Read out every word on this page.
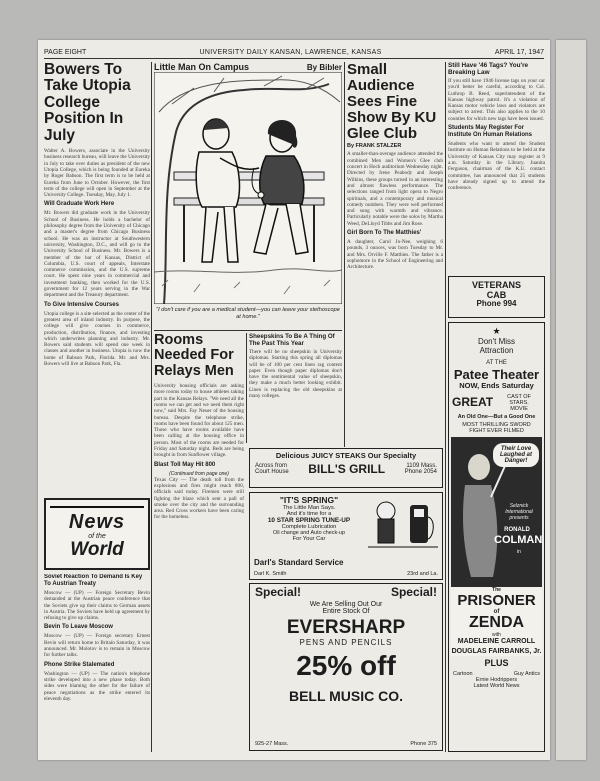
PAGE EIGHT	UNIVERSITY DAILY KANSAN, LAWRENCE, KANSAS	APRIL 17, 1947
Bowers To Take Utopia College Position In July
Walter A. Bowers, associate in the University business research bureau, will leave the University in July to take over duties as president of the new Utopia College, which is being founded at Eureka by Roger Babson. The first term is to be held at Eureka from June to October. However, the first term of the college will open in September at the University College. Tuesday, May, July 1.
Will Graduate Work Here
Mr. Bowers did graduate work in the University School of Business. He holds a bachelor of philosophy degree from the University of Chicago and a master's degree from Chicago Business school. He was an instructor at Southwestern university, Washington, D.C., and will go to the University School of Business. Mr. Bowers is a member of the bar of Kansas, District of Columbia, U.S. court of appeals, Interstate commerce commission, and the U.S. supreme court. He spent nine years in commercial and investment banking, then worked for the U.S. government for 12 years serving in the War department and the Treasury department.
To Give Intensive Courses
Utopia college is a site selected as the center of the greatest area of inland industry. In purpose, the college will give courses in commerce, production, distribution, finance, and investing which underwrites planning and industry. Mr. Bowers said students will spend one week in classes and another in business. Utopia is now the home of Babson Park, Florida. Mr. and Mrs. Bowers will live at Babson Park, Fla.
News
of the
World
Soviet Reaction To Demand Is Key To Austrian Treaty
Moscow — (UP) — Foreign Secretary Bevin demanded at the Austrian peace conference that the Soviets give up their claims to German assets in Austria. The Soviets have held up agreement by refusing to give up claims.
Bevin To Leave Moscow
Moscow — (UP) — Foreign secretary Ernest Bevin will return home to Britain Saturday, it was announced. Mr. Molotov is to remain in Moscow for further talks.
Phone Strike Stalemated
Washington — (UP) — The nation's telephone strike developed into a new phase today. Both sides were blaming the other for the failure of peace negotiations as the strike entered its eleventh day.
Little Man On Campus	By Bibler
"I don't care if you are a medical student—you can leave your stethoscope at home."
Rooms Needed For Relays Men
University housing officials are asking more rooms today to house athletes taking part in the Kansas Relays. "We need all the rooms we can get and we need them right now," said Mrs. Fay Neuer of the housing bureau. Despite the telephone strike, rooms have been found for about 125 men. Those who have rooms available have been calling at the housing office in person. Most of the rooms are needed for Friday and Saturday night. Beds are being brought in from Sunflower village.
Blast Toll May Hit 800
(Continued from page one)
Texas City — The death toll from the explosions and fires might reach 800, officials said today. Firemen were still fighting the blaze which sent a pall of smoke over the city and the surrounding area. Red Cross workers have been caring for the homeless.
Sheepskins To Be A Thing Of The Past This Year
There will be no sheepskin in University diplomas. Starting this spring all diplomas will be of 100 per cent linen rag content paper. Even though paper diplomas don't have the sentimental value of sheepskin, they make a much better looking exhibit. Linen is replacing the old sheepskins at many colleges.
Small Audience Sees Fine Show By KU Glee Club
By FRANK STALZER
A smaller-than-average audience attended the combined Men and Women's Glee club concert in Hoch auditorium Wednesday night. Directed by Irene Peabody and Joseph Wilkins, these groups turned in an interesting and almost flawless performance. The selections ranged from light opera to Negro spirituals, and a contemporary and musical comedy numbers. They were well performed and sung with warmth and vibrance. Particularly notable were the solos by Martha Weed, DeLloyd Tibbs and Jim Rose.
Girl Born To The Matthies'
A daughter, Carol Jo-Nee, weighing 6 pounds, 3 ounces, was born Tuesday to Mr. and Mrs. Orville F. Matthies. The father is a sophomore in the School of Engineering and Architecture.
Delicious JUICY STEAKS Our Specialty
Across from
Court House BILL'S GRILL	1109 Mass.
Phone 2054
"IT'S SPRING"
The Little Man Says.
And it's time for a
10 STAR SPRING TUNE-UP
Complete Lubrication
Oil change and Auto check-up
For Your Car
Darl's Standard Service
Darl K. Smith	23rd and La.
Special!	Special!
We Are Selling Out Our
Entire Stock Of
EVERSHARP
PENS AND PENCILS
25% off
BELL MUSIC CO.
925-27 Mass.	Phone 375
Still Have '46 Tags? You're Breaking Law
If you still have 1946 license tags on your car you'd better be careful, according to Col. Luthrop B. Reed, superintendent of the Kansas highway patrol. It's a violation of Kansas motor vehicle laws and violators are subject to arrest. This also applies to the 10 counties for which new tags have been issued.
Students May Register For Institute On Human Relations
Students who want to attend the Student Institute on Human Relations to be held at the University of Kansas City may register at 9 a.m. Saturday in the Library. Juanita Ferguson, chairman of the K.U. contact committee, has announced that 25 students have already signed up to attend the conference.
VETERANS
CAB
Phone 994
★
Don't Miss
Attraction
AT THE
Patee Theater
NOW, Ends Saturday
GREAT	CAST OF STARS.
MOVIE
An Old One—But a Good One
MOST THRILLING SWORD
FIGHT EVER FILMED
Their Love Laughed at Danger!
Selznick International presents
RONALD
COLMAN
in
The
PRISONER
of
ZENDA
with
MADELEINE CARROLL
DOUGLAS FAIRBANKS, Jr.
PLUS
Cartoon	Guy Antics
Ernie Hodrippers
Latest World News
